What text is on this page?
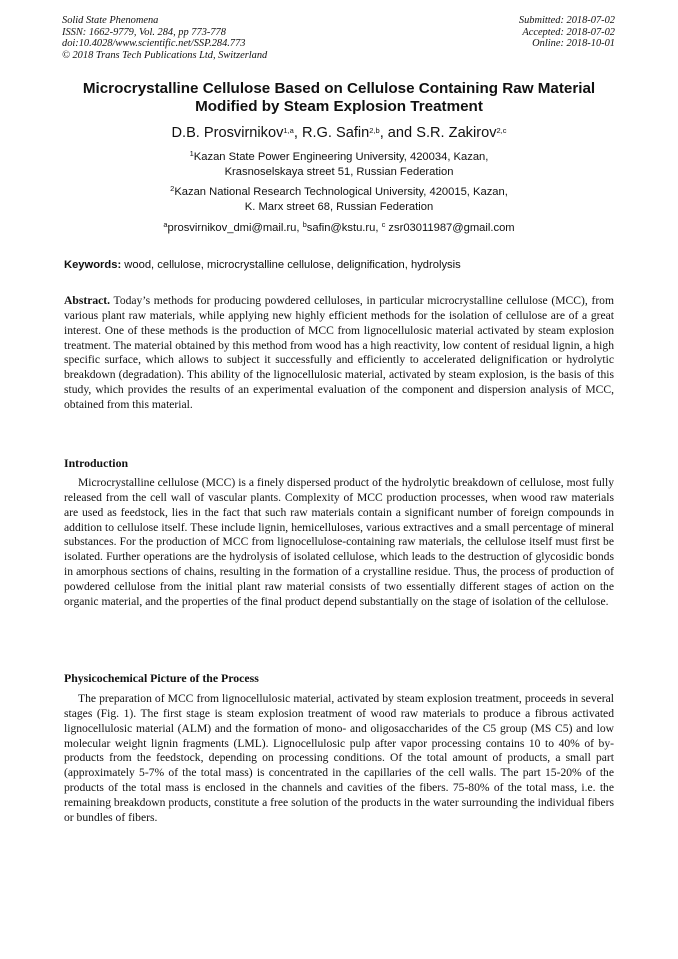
Solid State Phenomena
ISSN: 1662-9779, Vol. 284, pp 773-778
doi:10.4028/www.scientific.net/SSP.284.773
© 2018 Trans Tech Publications Ltd, Switzerland
Submitted: 2018-07-02
Accepted: 2018-07-02
Online: 2018-10-01
Microcrystalline Cellulose Based on Cellulose Containing Raw Material
Modified by Steam Explosion Treatment
D.B. Prosvirnikov$^{1,a}$, R.G. Safin$^{2,b}$, and S.R. Zakirov$^{2,c}$
$^1$Kazan State Power Engineering University, 420034, Kazan,
Krasnoselskaya street 51, Russian Federation
$^2$Kazan National Research Technological University, 420015, Kazan,
K. Marx street 68, Russian Federation
$^a$prosvirnikov_dmi@mail.ru, $^b$safin@kstu.ru, $^c$ zsr03011987@gmail.com
Keywords: wood, cellulose, microcrystalline cellulose, delignification, hydrolysis

Abstract. Today’s methods for producing powdered celluloses, in particular microcrystalline cellulose (MCC), from various plant raw materials, while applying new highly efficient methods for the isolation of cellulose are of a great interest. One of these methods is the production of MCC from lignocellulosic material activated by steam explosion treatment. The material obtained by this method from wood has a high reactivity, low content of residual lignin, a high specific surface, which allows to subject it successfully and efficiently to accelerated delignification or hydrolytic breakdown (degradation). This ability of the lignocellulosic material, activated by steam explosion, is the basis of this study, which provides the results of an experimental evaluation of the component and dispersion analysis of MCC, obtained from this material.

Introduction

Microcrystalline cellulose (MCC) is a finely dispersed product of the hydrolytic breakdown of cellulose, most fully released from the cell wall of vascular plants. Complexity of MCC production processes, when wood raw materials are used as feedstock, lies in the fact that such raw materials contain a significant number of foreign compounds in addition to cellulose itself. These include lignin, hemicelluloses, various extractives and a small percentage of mineral substances. For the production of MCC from lignocellulose-containing raw materials, the cellulose itself must first be isolated. Further operations are the hydrolysis of isolated cellulose, which leads to the destruction of glycosidic bonds in amorphous sections of chains, resulting in the formation of a crystalline residue. Thus, the process of production of powdered cellulose from the initial plant raw material consists of two essentially different stages of action on the organic material, and the properties of the final product depend substantially on the stage of isolation of the cellulose.

Physicochemical Picture of the Process

The preparation of MCC from lignocellulosic material, activated by steam explosion treatment, proceeds in several stages (Fig. 1). The first stage is steam explosion treatment of wood raw materials to produce a fibrous activated lignocellulosic material (ALM) and the formation of mono- and oligosaccharides of the C5 group (MS C5) and low molecular weight lignin fragments (LML). Lignocellulosic pulp after vapor processing contains 10 to 40% of by-products from the feedstock, depending on processing conditions. Of the total amount of products, a small part (approximately 5-7% of the total mass) is concentrated in the capillaries of the cell walls. The part 15-20% of the products of the total mass is enclosed in the channels and cavities of the fibers. 75-80% of the total mass, i.e. the remaining breakdown products, constitute a free solution of the products in the water surrounding the individual fibers or bundles of fibers.
